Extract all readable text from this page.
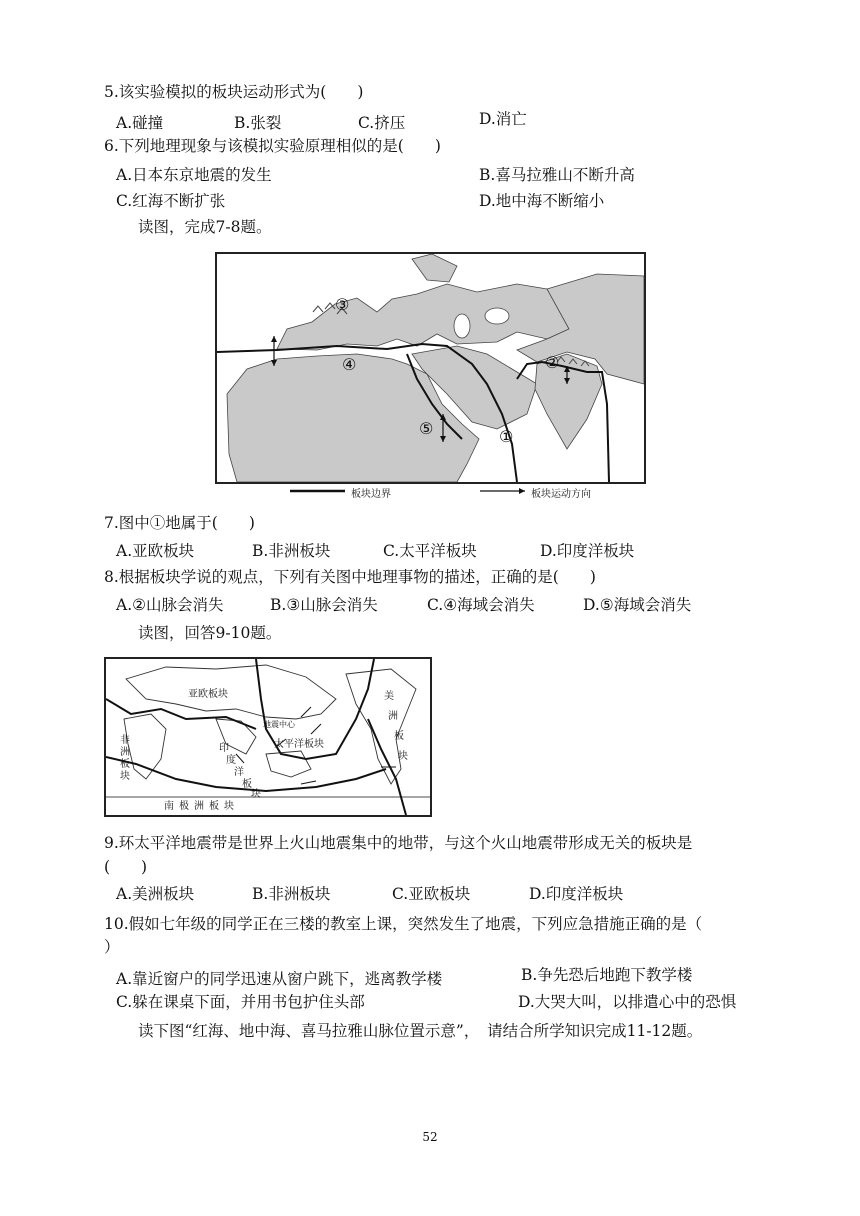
5.该实验模拟的板块运动形式为(　　)
A.碰撞	B.张裂	C.挤压	D.消亡
6.下列地理现象与该模拟实验原理相似的是(　　)
A.日本东京地震的发生	B.喜马拉雅山不断升高
C.红海不断扩张	D.地中海不断缩小
读图，完成7-8题。
③
④	②
①
⑤
板块边界	板块运动方向
7.图中①地属于(　　)
A.亚欧板块	B.非洲板块	C.太平洋板块	D.印度洋板块
8.根据板块学说的观点，下列有关图中地理事物的描述，正确的是(　　)
A.②山脉会消失	B.③山脉会消失	C.④海域会消失	D.⑤海域会消失
读图，回答9-10题。
亚欧板块
地震中心
太平洋板块
非
洲
板
块
印
度
洋
板
块
美
洲
板
块
南极洲板块
9.环太平洋地震带是世界上火山地震集中的地带，与这个火山地震带形成无关的板块是
(　　)
A.美洲板块	B.非洲板块	C.亚欧板块	D.印度洋板块
10.假如七年级的同学正在三楼的教室上课，突然发生了地震，下列应急措施正确的是（
）
A.靠近窗户的同学迅速从窗户跳下，逃离教学楼	B.争先恐后地跑下教学楼
C.躲在课桌下面，并用书包护住头部	D.大哭大叫，以排遣心中的恐惧
读下图“红海、地中海、喜马拉雅山脉位置示意”，　请结合所学知识完成11-12题。
52
